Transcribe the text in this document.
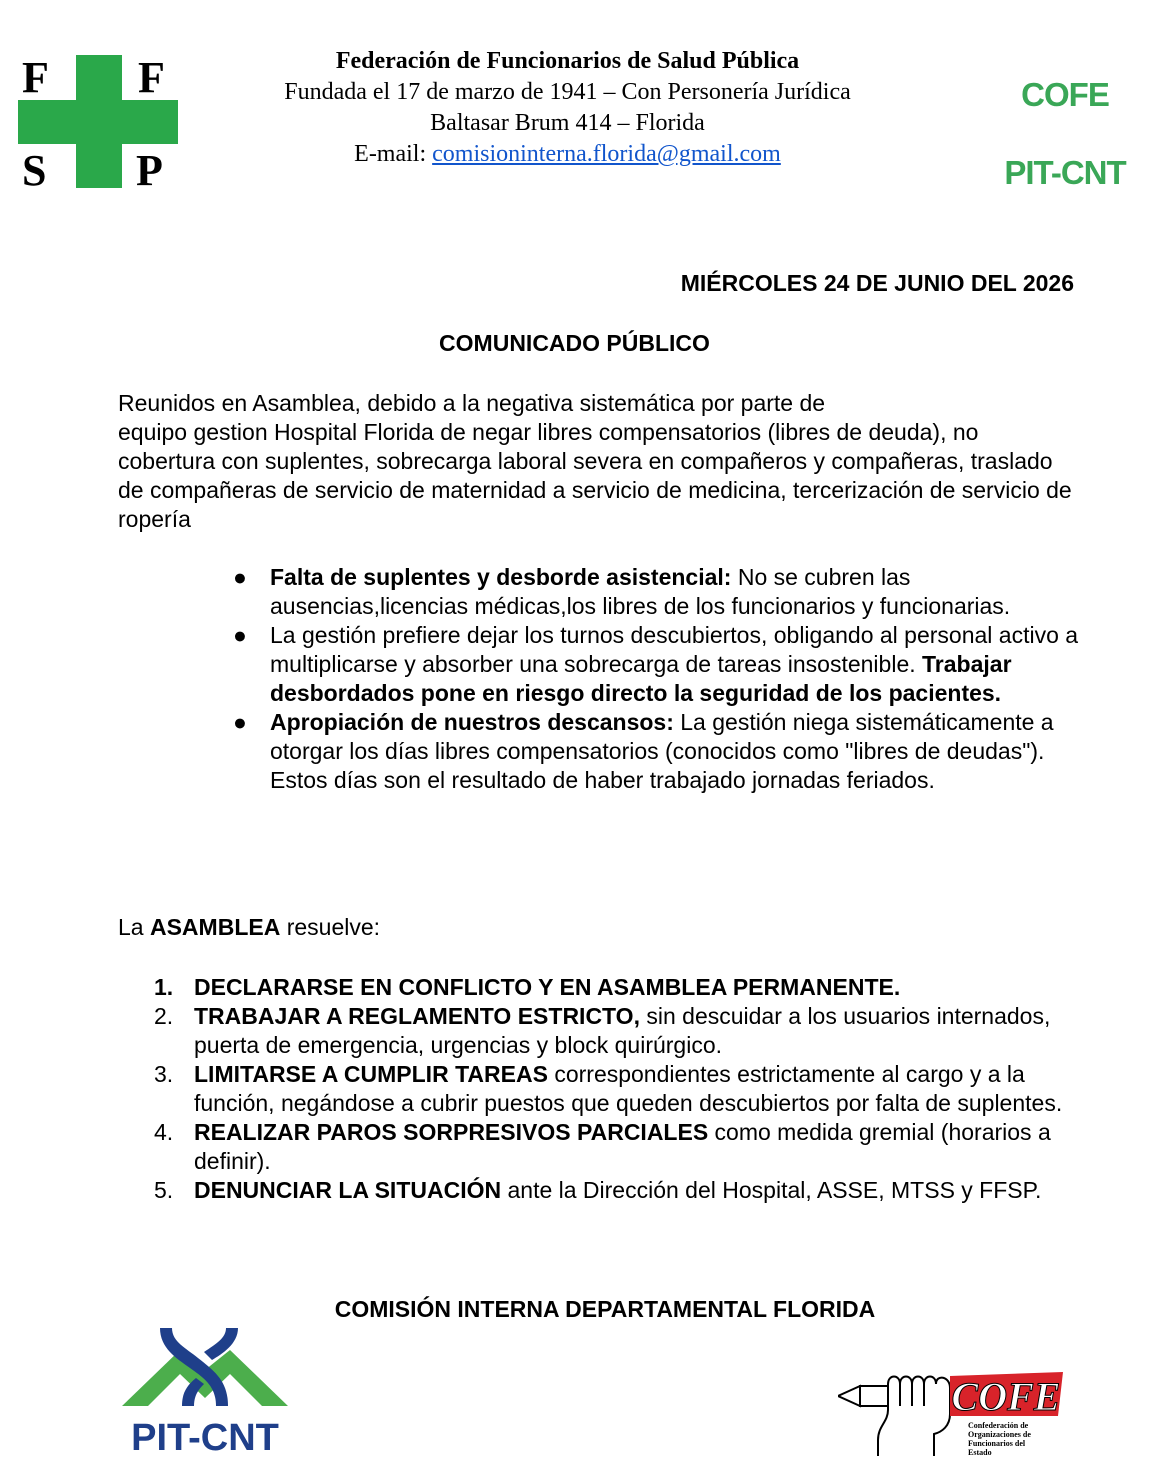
F F
S P
Federación de Funcionarios de Salud Pública
Fundada el 17 de marzo de 1941 – Con Personería Jurídica
Baltasar Brum 414 – Florida
E-mail: comisioninterna.florida@gmail.com
COFE
PIT-CNT
MIÉRCOLES 24 DE JUNIO DEL 2026
COMUNICADO PÚBLICO
Reunidos en Asamblea, debido a la negativa sistemática por parte de
equipo gestion Hospital Florida de negar libres compensatorios (libres de deuda), no cobertura con suplentes, sobrecarga laboral severa en compañeros y compañeras, traslado de compañeras de servicio de maternidad a servicio de medicina, tercerización de servicio de ropería
● Falta de suplentes y desborde asistencial: No se cubren las ausencias,licencias médicas,los libres de los funcionarios y funcionarias.
● La gestión prefiere dejar los turnos descubiertos, obligando al personal activo a multiplicarse y absorber una sobrecarga de tareas insostenible. Trabajar desbordados pone en riesgo directo la seguridad de los pacientes.
● Apropiación de nuestros descansos: La gestión niega sistemáticamente a otorgar los días libres compensatorios (conocidos como "libres de deudas"). Estos días son el resultado de haber trabajado jornadas feriados.
La ASAMBLEA resuelve:
1. DECLARARSE EN CONFLICTO Y EN ASAMBLEA PERMANENTE.
2. TRABAJAR A REGLAMENTO ESTRICTO, sin descuidar a los usuarios internados, puerta de emergencia, urgencias y block quirúrgico.
3. LIMITARSE A CUMPLIR TAREAS correspondientes estrictamente al cargo y a la función, negándose a cubrir puestos que queden descubiertos por falta de suplentes.
4. REALIZAR PAROS SORPRESIVOS PARCIALES como medida gremial (horarios a definir).
5. DENUNCIAR LA SITUACIÓN ante la Dirección del Hospital, ASSE, MTSS y FFSP.
COMISIÓN INTERNA DEPARTAMENTAL FLORIDA
PIT-CNT
COFE
Confederación de
Organizaciones de
Funcionarios del
Estado
